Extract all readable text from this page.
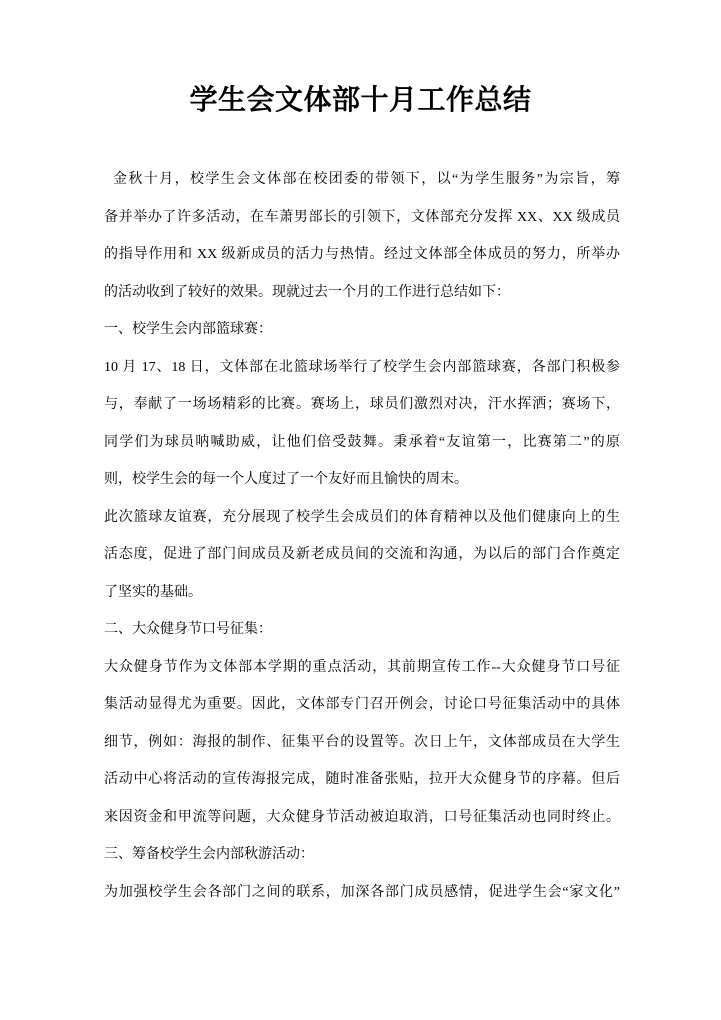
学生会文体部十月工作总结
金秋十月，校学生会文体部在校团委的带领下，以“为学生服务”为宗旨，筹
备并举办了许多活动，在车萧男部长的引领下，文体部充分发挥 XX、XX 级成员
的指导作用和 XX 级新成员的活力与热情。经过文体部全体成员的努力，所举办
的活动收到了较好的效果。现就过去一个月的工作进行总结如下：
一、校学生会内部篮球赛：
10 月 17、18 日，文体部在北篮球场举行了校学生会内部篮球赛，各部门积极参
与，奉献了一场场精彩的比赛。赛场上，球员们激烈对决，汗水挥洒；赛场下，
同学们为球员呐喊助威，让他们倍受鼓舞。秉承着“友谊第一，比赛第二”的原
则，校学生会的每一个人度过了一个友好而且愉快的周末。
此次篮球友谊赛，充分展现了校学生会成员们的体育精神以及他们健康向上的生
活态度，促进了部门间成员及新老成员间的交流和沟通，为以后的部门合作奠定
了坚实的基础。
二、大众健身节口号征集：
大众健身节作为文体部本学期的重点活动，其前期宣传工作--大众健身节口号征
集活动显得尤为重要。因此，文体部专门召开例会，讨论口号征集活动中的具体
细节，例如：海报的制作、征集平台的设置等。次日上午，文体部成员在大学生
活动中心将活动的宣传海报完成，随时准备张贴，拉开大众健身节的序幕。但后
来因资金和甲流等问题，大众健身节活动被迫取消，口号征集活动也同时终止。
三、筹备校学生会内部秋游活动：
为加强校学生会各部门之间的联系，加深各部门成员感情，促进学生会“家文化”
